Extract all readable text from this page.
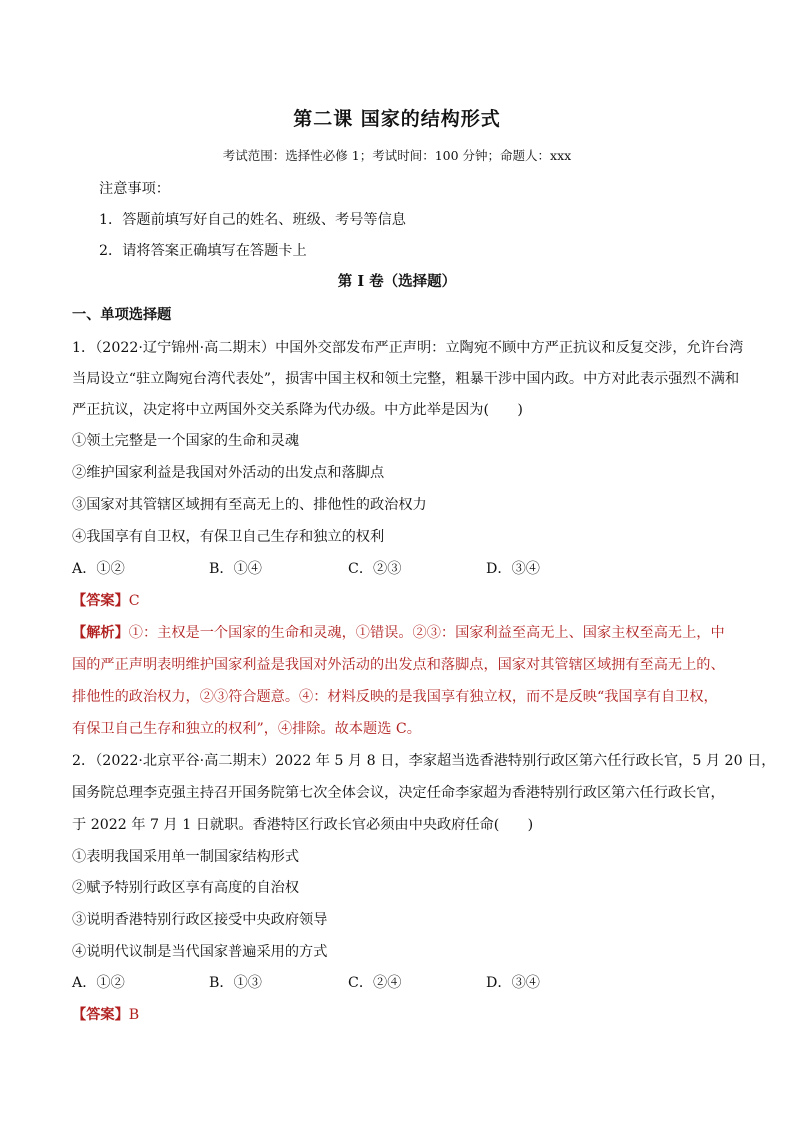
第二课 国家的结构形式
考试范围：选择性必修 1；考试时间：100 分钟；命题人：xxx
注意事项：
1．答题前填写好自己的姓名、班级、考号等信息
2．请将答案正确填写在答题卡上
第 I 卷（选择题）
一、单项选择题
1．（2022·辽宁锦州·高二期末）中国外交部发布严正声明：立陶宛不顾中方严正抗议和反复交涉，允许台湾
当局设立“驻立陶宛台湾代表处”，损害中国主权和领土完整，粗暴干涉中国内政。中方对此表示强烈不满和
严正抗议，决定将中立两国外交关系降为代办级。中方此举是因为(　　)
①领土完整是一个国家的生命和灵魂
②维护国家利益是我国对外活动的出发点和落脚点
③国家对其管辖区域拥有至高无上的、排他性的政治权力
④我国享有自卫权，有保卫自己生存和独立的权利
A．①②	B．①④	C．②③	D．③④
【答案】C
【解析】①：主权是一个国家的生命和灵魂，①错误。②③：国家利益至高无上、国家主权至高无上，中
国的严正声明表明维护国家利益是我国对外活动的出发点和落脚点，国家对其管辖区域拥有至高无上的、
排他性的政治权力，②③符合题意。④：材料反映的是我国享有独立权，而不是反映“我国享有自卫权，
有保卫自己生存和独立的权利”，④排除。故本题选 C。
2．（2022·北京平谷·高二期末）2022 年 5 月 8 日，李家超当选香港特别行政区第六任行政长官，5 月 20 日，
国务院总理李克强主持召开国务院第七次全体会议，决定任命李家超为香港特别行政区第六任行政长官，
于 2022 年 7 月 1 日就职。香港特区行政长官必须由中央政府任命(　　)
①表明我国采用单一制国家结构形式
②赋予特别行政区享有高度的自治权
③说明香港特别行政区接受中央政府领导
④说明代议制是当代国家普遍采用的方式
A．①②	B．①③	C．②④	D．③④
【答案】B
